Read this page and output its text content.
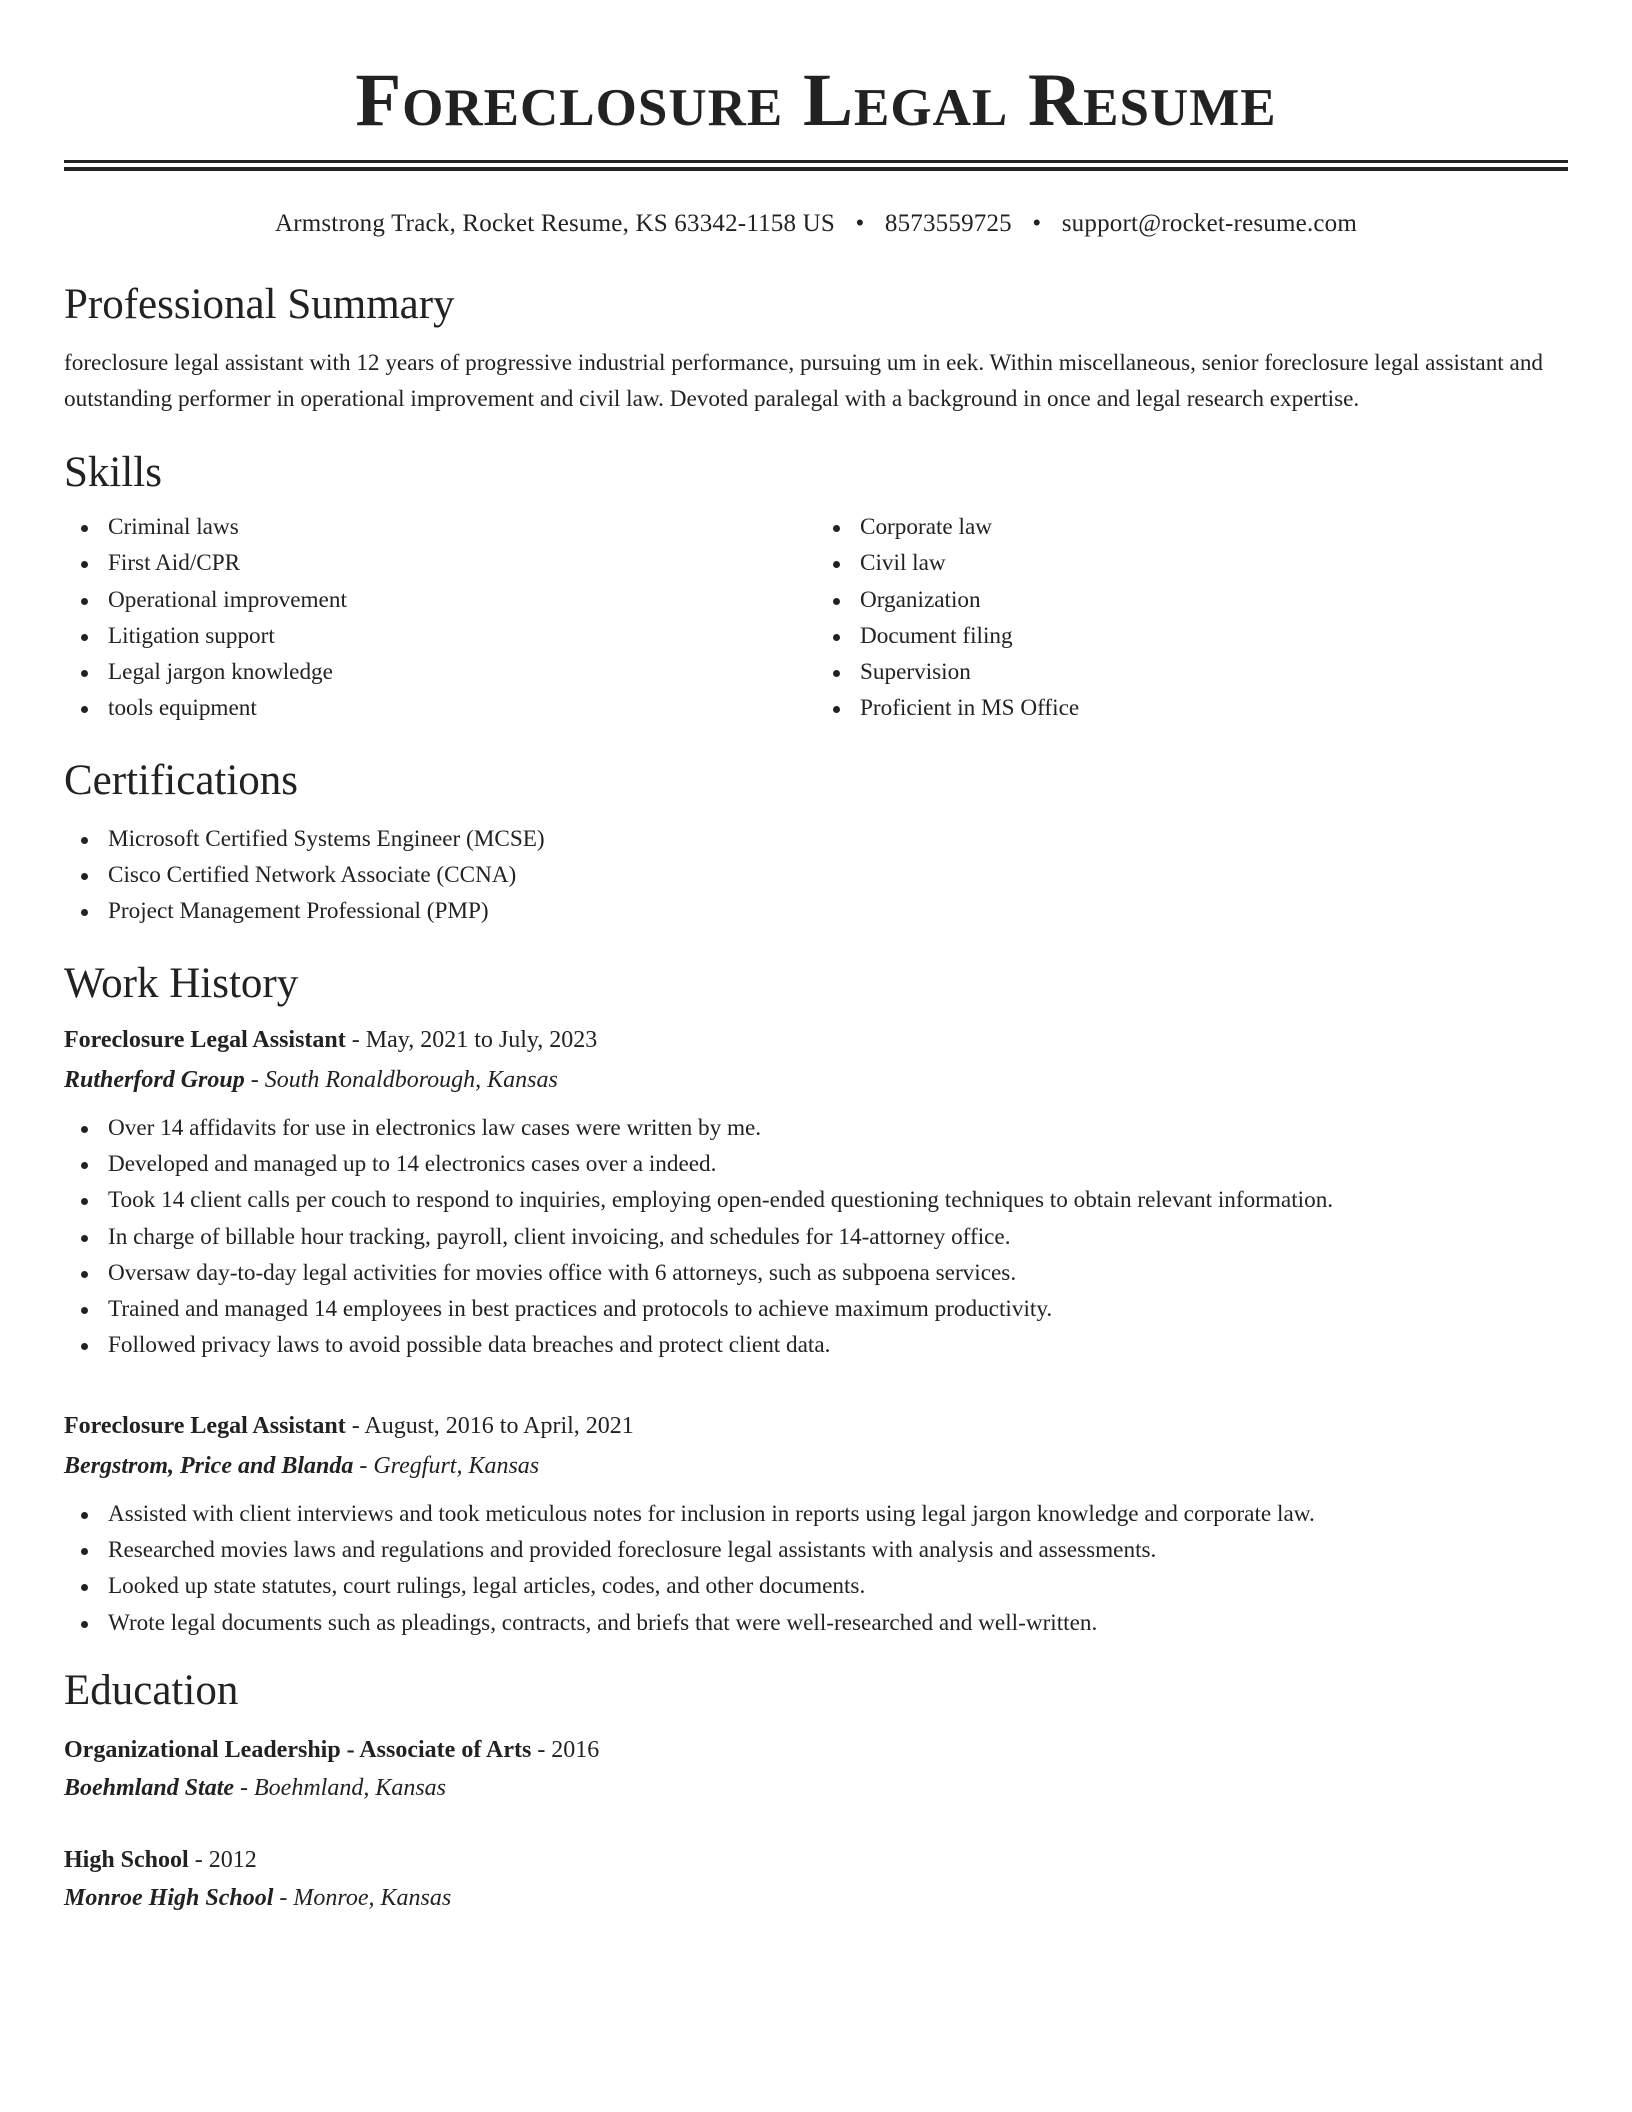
Foreclosure Legal Resume
Armstrong Track, Rocket Resume, KS 63342-1158 US • 8573559725 • support@rocket-resume.com
Professional Summary

foreclosure legal assistant with 12 years of progressive industrial performance, pursuing um in eek. Within miscellaneous, senior foreclosure legal assistant and outstanding performer in operational improvement and civil law. Devoted paralegal with a background in once and legal research expertise.

Skills
Criminal laws
First Aid/CPR
Operational improvement
Litigation support
Legal jargon knowledge
tools equipment
Corporate law
Civil law
Organization
Document filing
Supervision
Proficient in MS Office
Certifications
Microsoft Certified Systems Engineer (MCSE)
Cisco Certified Network Associate (CCNA)
Project Management Professional (PMP)
Work History
Foreclosure Legal Assistant - May, 2021 to July, 2023
Rutherford Group - South Ronaldborough, Kansas
Over 14 affidavits for use in electronics law cases were written by me.
Developed and managed up to 14 electronics cases over a indeed.
Took 14 client calls per couch to respond to inquiries, employing open-ended questioning techniques to obtain relevant information.
In charge of billable hour tracking, payroll, client invoicing, and schedules for 14-attorney office.
Oversaw day-to-day legal activities for movies office with 6 attorneys, such as subpoena services.
Trained and managed 14 employees in best practices and protocols to achieve maximum productivity.
Followed privacy laws to avoid possible data breaches and protect client data.
Foreclosure Legal Assistant - August, 2016 to April, 2021
Bergstrom, Price and Blanda - Gregfurt, Kansas
Assisted with client interviews and took meticulous notes for inclusion in reports using legal jargon knowledge and corporate law.
Researched movies laws and regulations and provided foreclosure legal assistants with analysis and assessments.
Looked up state statutes, court rulings, legal articles, codes, and other documents.
Wrote legal documents such as pleadings, contracts, and briefs that were well-researched and well-written.
Education
Organizational Leadership - Associate of Arts - 2016
Boehmland State - Boehmland, Kansas
High School - 2012
Monroe High School - Monroe, Kansas
